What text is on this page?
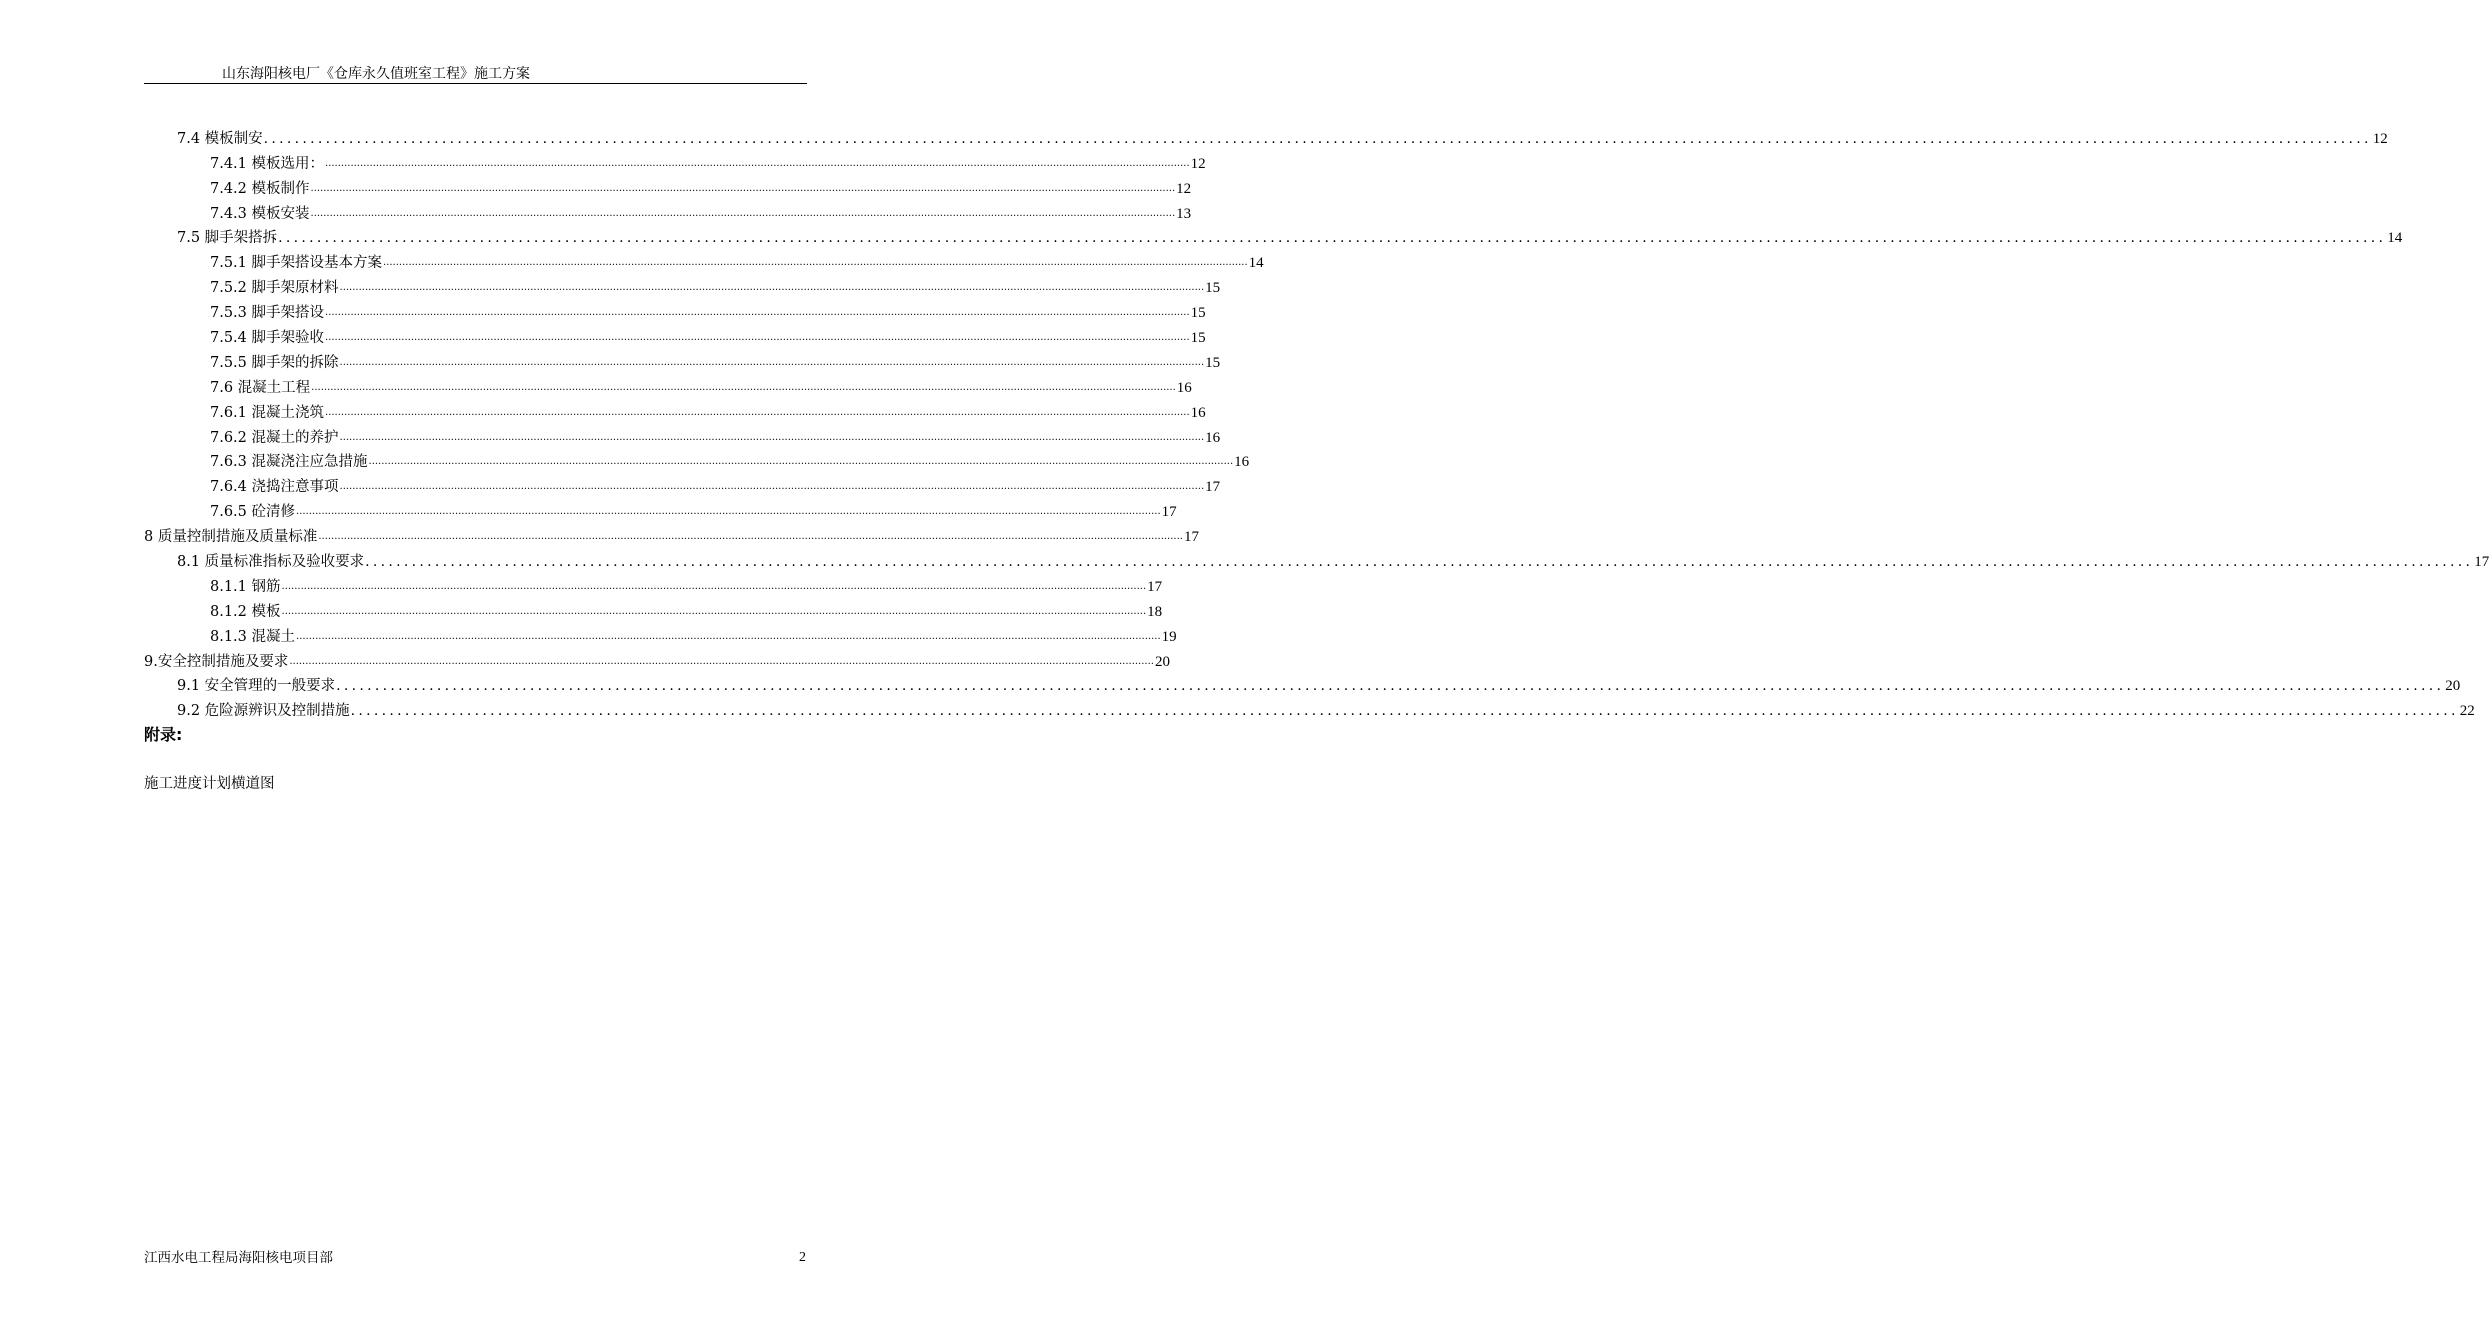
山东海阳核电厂《仓库永久值班室工程》施工方案
7.4 模板制安 ................................................................................................................................................................................................................................................................................ 12
7.4.1 模板选用： ................................................................................................................................................................................................................................................................................ 12
7.4.2 模板制作 ................................................................................................................................................................................................................................................................................ 12
7.4.3 模板安装 ................................................................................................................................................................................................................................................................................ 13
7.5 脚手架搭拆 ................................................................................................................................................................................................................................................................................ 14
7.5.1 脚手架搭设基本方案 ................................................................................................................................................................................................................................................................................ 14
7.5.2 脚手架原材料 ................................................................................................................................................................................................................................................................................ 15
7.5.3 脚手架搭设 ................................................................................................................................................................................................................................................................................ 15
7.5.4 脚手架验收 ................................................................................................................................................................................................................................................................................ 15
7.5.5 脚手架的拆除 ................................................................................................................................................................................................................................................................................ 15
7.6 混凝土工程 ................................................................................................................................................................................................................................................................................ 16
7.6.1 混凝土浇筑 ................................................................................................................................................................................................................................................................................ 16
7.6.2 混凝土的养护 ................................................................................................................................................................................................................................................................................ 16
7.6.3 混凝浇注应急措施 ................................................................................................................................................................................................................................................................................ 16
7.6.4 浇捣注意事项 ................................................................................................................................................................................................................................................................................ 17
7.6.5 砼清修 ................................................................................................................................................................................................................................................................................ 17
8 质量控制措施及质量标准 ................................................................................................................................................................................................................................................................................ 17
8.1 质量标准指标及验收要求 ................................................................................................................................................................................................................................................................................ 17
8.1.1 钢筋 ................................................................................................................................................................................................................................................................................ 17
8.1.2 模板 ................................................................................................................................................................................................................................................................................ 18
8.1.3 混凝土 ................................................................................................................................................................................................................................................................................ 19
9.安全控制措施及要求 ................................................................................................................................................................................................................................................................................ 20
9.1 安全管理的一般要求 ................................................................................................................................................................................................................................................................................ 20
9.2 危险源辨识及控制措施 ................................................................................................................................................................................................................................................................................ 22
附录:
施工进度计划横道图
江西水电工程局海阳核电项目部	2
